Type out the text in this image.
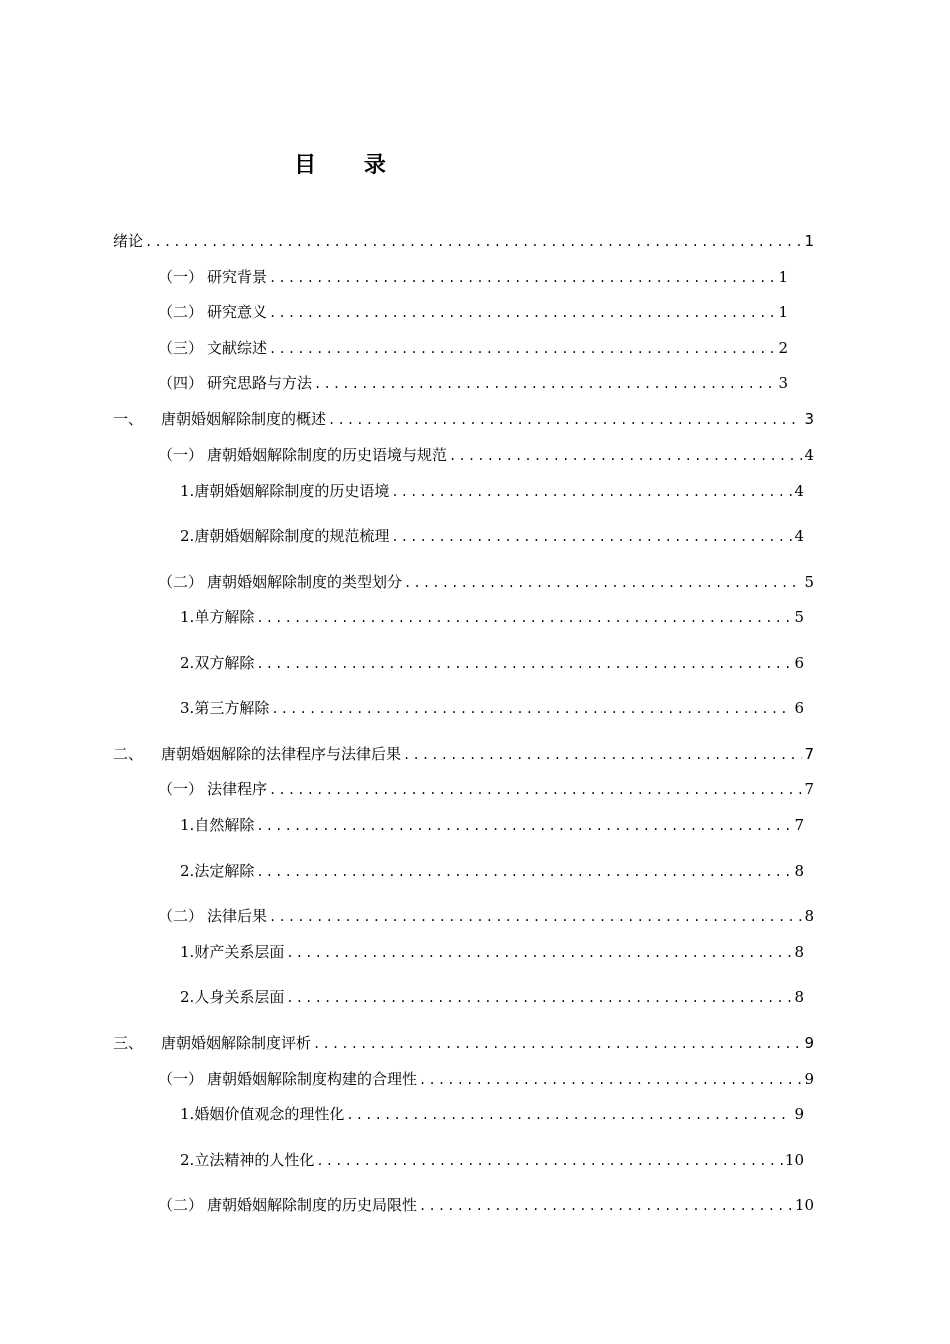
目 录
绪论 .....	1
（一） 研究背景 .....	1
（二） 研究意义 .....	1
（三） 文献综述 .....	2
（四） 研究思路与方法 .....	3
一、 唐朝婚姻解除制度的概述 .....	3
（一） 唐朝婚姻解除制度的历史语境与规范 .....	4
1.唐朝婚姻解除制度的历史语境 .....	4
2.唐朝婚姻解除制度的规范梳理 .....	4
（二） 唐朝婚姻解除制度的类型划分 .....	5
1.单方解除 .....	5
2.双方解除 .....	6
3.第三方解除 .....	6
二、 唐朝婚姻解除的法律程序与法律后果 .....	7
（一） 法律程序 .....	7
1.自然解除 .....	7
2.法定解除 .....	8
（二） 法律后果 .....	8
1.财产关系层面 .....	8
2.人身关系层面 .....	8
三、 唐朝婚姻解除制度评析 .....	9
（一） 唐朝婚姻解除制度构建的合理性 .....	9
1.婚姻价值观念的理性化 .....	9
2.立法精神的人性化 .....	10
（二） 唐朝婚姻解除制度的历史局限性 .....	10
